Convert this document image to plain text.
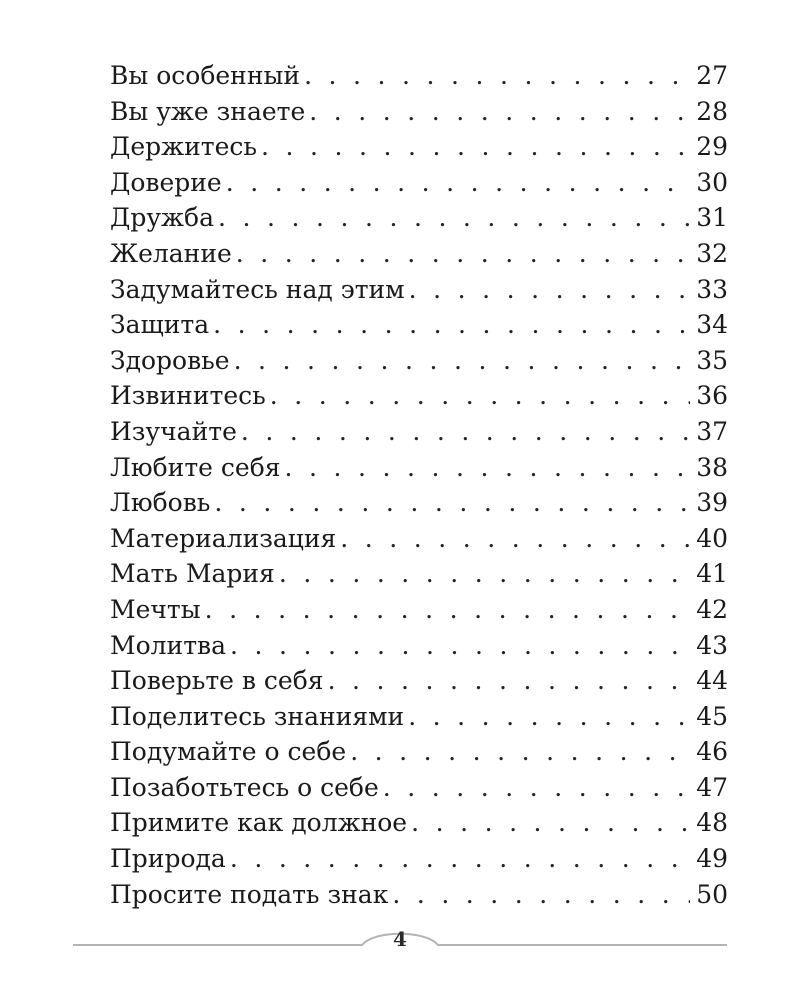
Вы особенный . . .	27
Вы уже знаете . . .	28
Держитесь . . .	29
Доверие . . .	30
Дружба . . .	31
Желание . . .	32
Задумайтесь над этим . . .	33
Защита . . .	34
Здоровье . . .	35
Извинитесь . . .	36
Изучайте . . .	37
Любите себя . . .	38
Любовь . . .	39
Материализация . . .	40
Мать Мария . . .	41
Мечты . . .	42
Молитва . . .	43
Поверьте в себя . . .	44
Поделитесь знаниями . . .	45
Подумайте о себе . . .	46
Позаботьтесь о себе . . .	47
Примите как должное . . .	48
Природа . . .	49
Просите подать знак . . .	50
4
